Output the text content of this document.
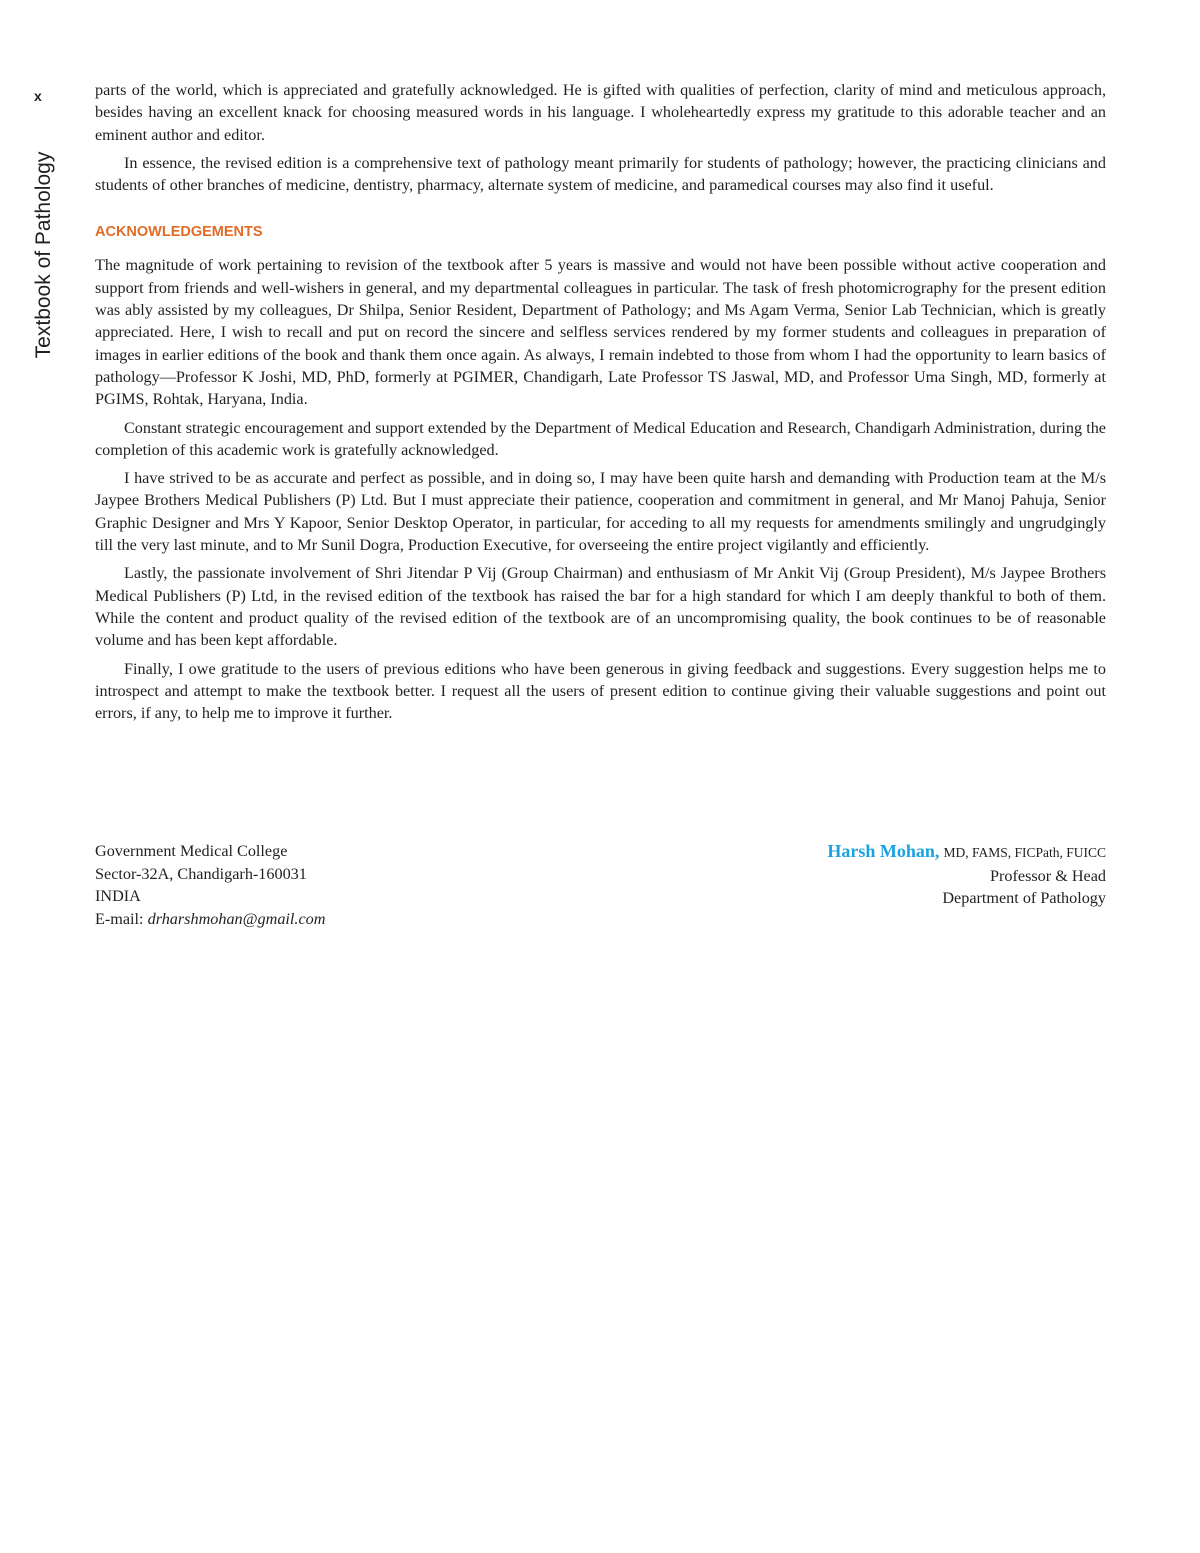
x
Textbook of Pathology

parts of the world, which is appreciated and gratefully acknowledged. He is gifted with qualities of perfection, clarity of mind and meticulous approach, besides having an excellent knack for choosing measured words in his language. I wholeheartedly express my gratitude to this adorable teacher and an eminent author and editor.

In essence, the revised edition is a comprehensive text of pathology meant primarily for students of pathology; however, the practicing clinicians and students of other branches of medicine, dentistry, pharmacy, alternate system of medicine, and paramedical courses may also find it useful.

ACKNOWLEDGEMENTS

The magnitude of work pertaining to revision of the textbook after 5 years is massive and would not have been possible without active cooperation and support from friends and well-wishers in general, and my departmental colleagues in particular. The task of fresh photomicrography for the present edition was ably assisted by my colleagues, Dr Shilpa, Senior Resident, Department of Pathology; and Ms Agam Verma, Senior Lab Technician, which is greatly appreciated. Here, I wish to recall and put on record the sincere and selfless services rendered by my former students and colleagues in preparation of images in earlier editions of the book and thank them once again. As always, I remain indebted to those from whom I had the opportunity to learn basics of pathology—Professor K Joshi, MD, PhD, formerly at PGIMER, Chandigarh, Late Professor TS Jaswal, MD, and Professor Uma Singh, MD, formerly at PGIMS, Rohtak, Haryana, India.

Constant strategic encouragement and support extended by the Department of Medical Education and Research, Chandigarh Administration, during the completion of this academic work is gratefully acknowledged.

I have strived to be as accurate and perfect as possible, and in doing so, I may have been quite harsh and demanding with Production team at the M/s Jaypee Brothers Medical Publishers (P) Ltd. But I must appreciate their patience, cooperation and commitment in general, and Mr Manoj Pahuja, Senior Graphic Designer and Mrs Y Kapoor, Senior Desktop Operator, in particular, for acceding to all my requests for amendments smilingly and ungrudgingly till the very last minute, and to Mr Sunil Dogra, Production Executive, for overseeing the entire project vigilantly and efficiently.

Lastly, the passionate involvement of Shri Jitendar P Vij (Group Chairman) and enthusiasm of Mr Ankit Vij (Group President), M/s Jaypee Brothers Medical Publishers (P) Ltd, in the revised edition of the textbook has raised the bar for a high standard for which I am deeply thankful to both of them. While the content and product quality of the revised edition of the textbook are of an uncompromising quality, the book continues to be of reasonable volume and has been kept affordable.

Finally, I owe gratitude to the users of previous editions who have been generous in giving feedback and suggestions. Every suggestion helps me to introspect and attempt to make the textbook better. I request all the users of present edition to continue giving their valuable suggestions and point out errors, if any, to help me to improve it further.

Government Medical College
Sector-32A, Chandigarh-160031
INDIA
E-mail: drharshmohan@gmail.com
Harsh Mohan, MD, FAMS, FICPath, FUICC
Professor & Head
Department of Pathology
